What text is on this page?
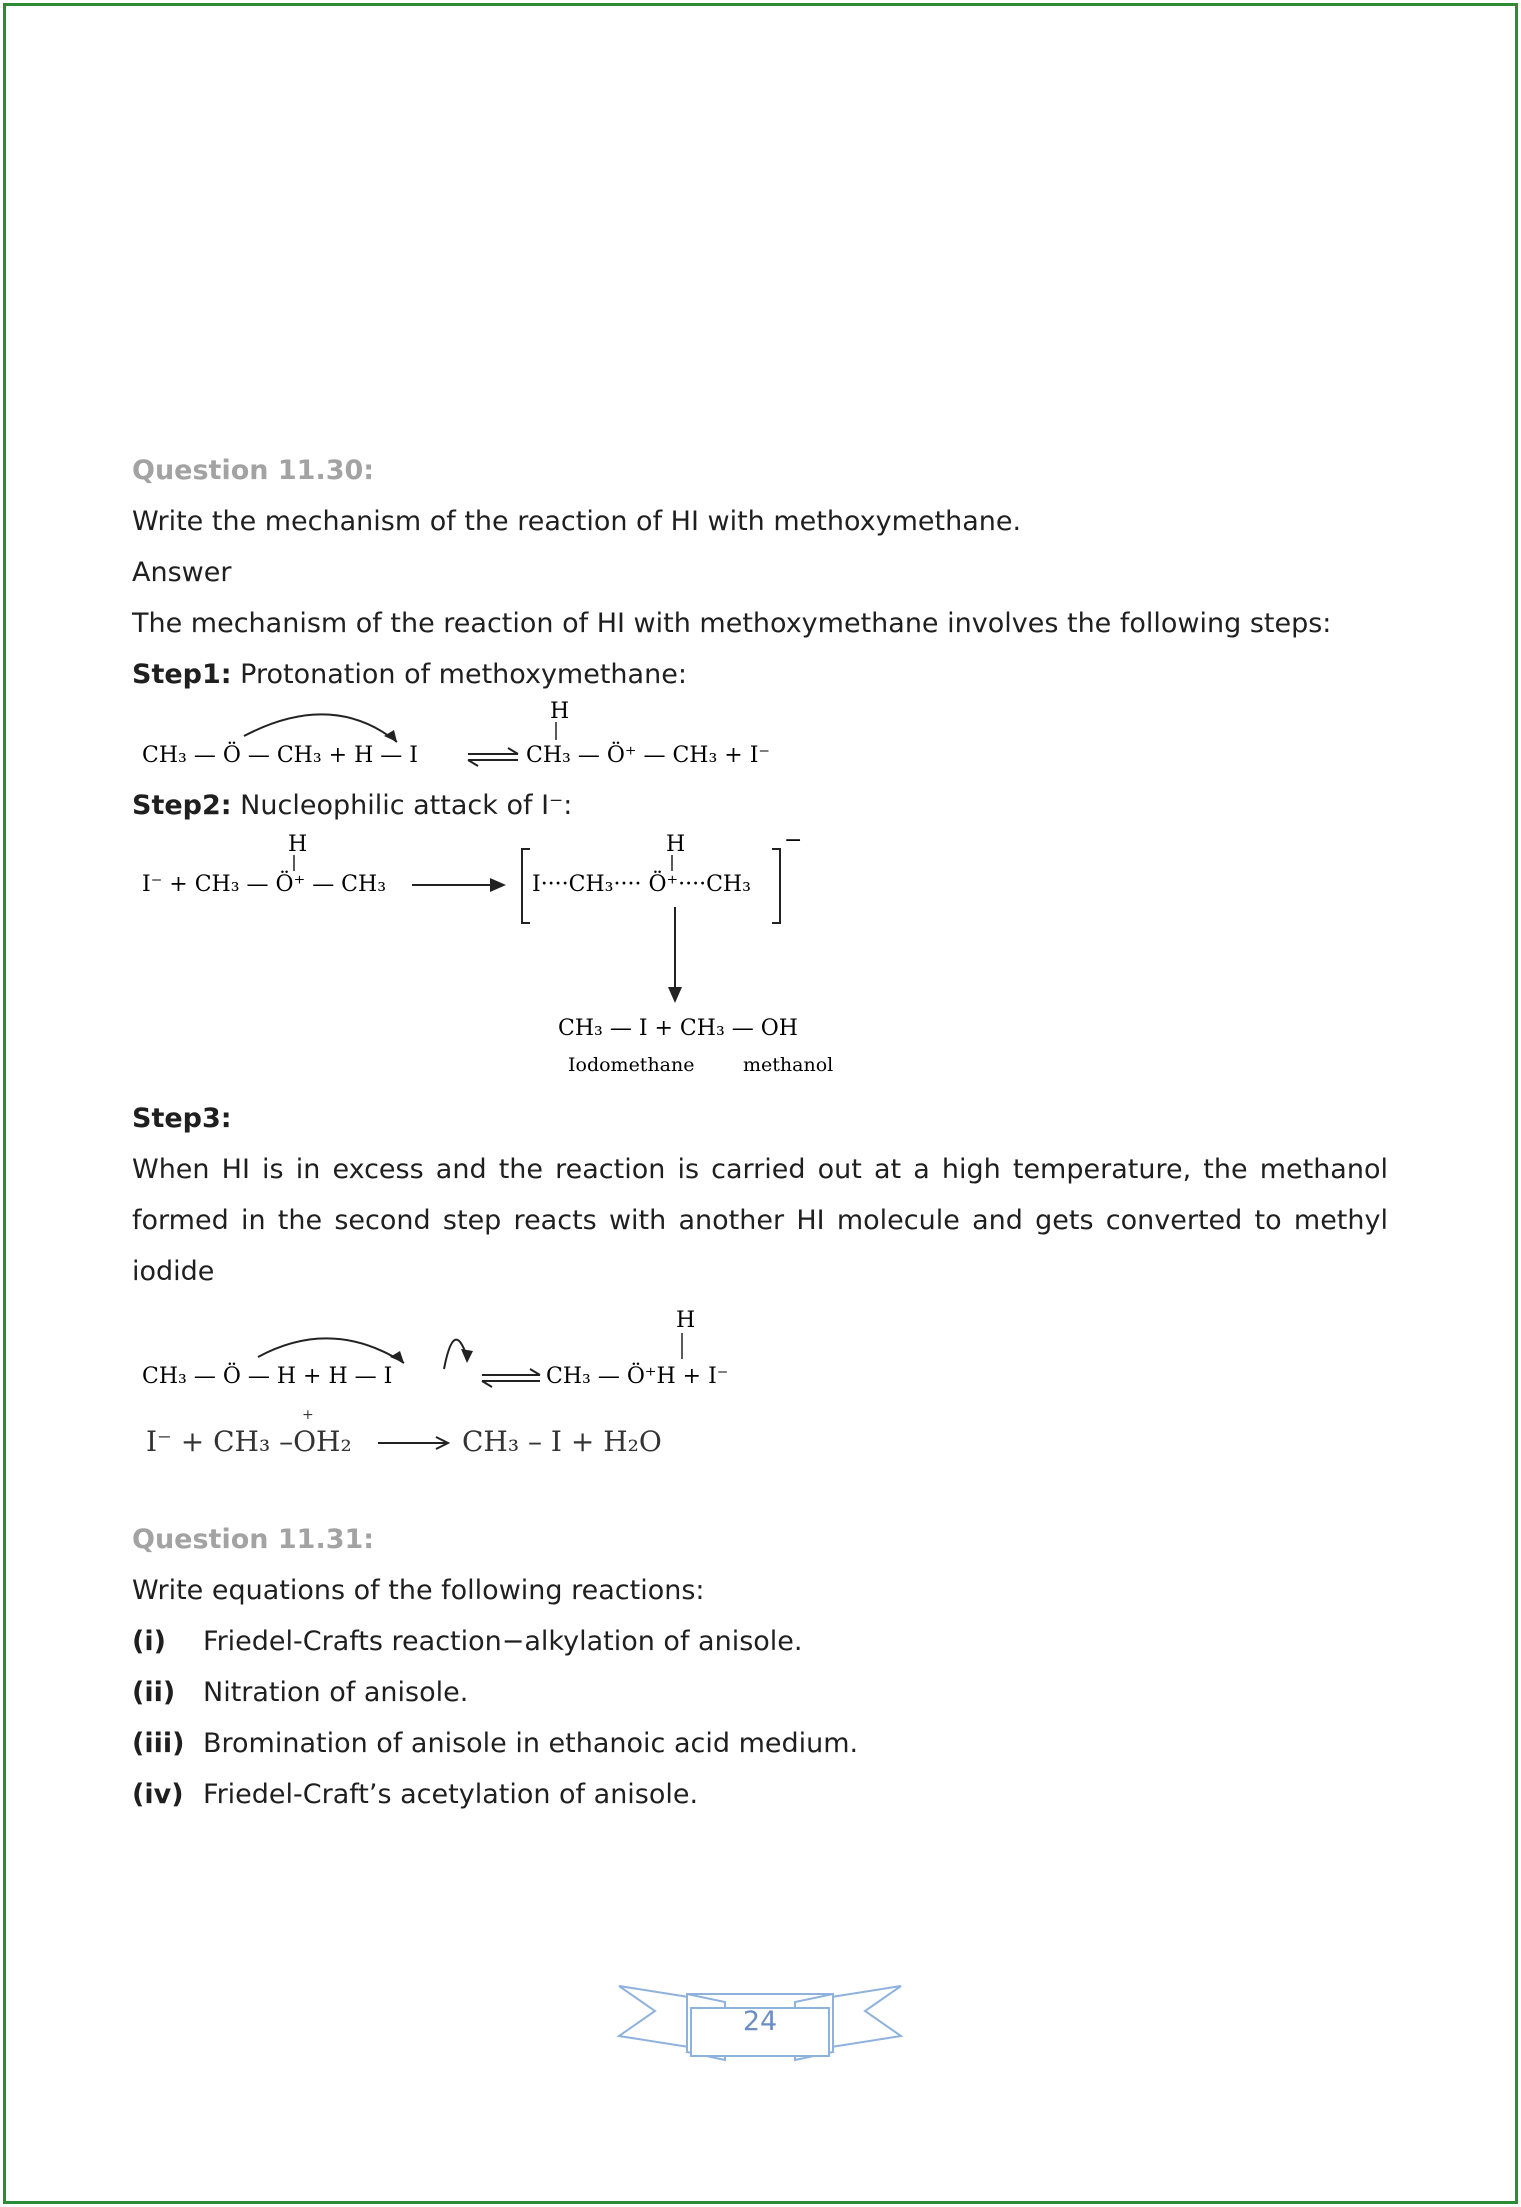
Question 11.30:
Write the mechanism of the reaction of HI with methoxymethane.
Answer
The mechanism of the reaction of HI with methoxymethane involves the following steps:
Step1: Protonation of methoxymethane:
CH₃ — Ö — CH₃ + H — I
H
CH₃ — Ö⁺ — CH₃ + I⁻
Step2: Nucleophilic attack of I⁻:
H
I⁻ + CH₃ — Ö⁺ — CH₃
−
H
I····CH₃···· Ö⁺····CH₃
CH₃ — I + CH₃ — OH
Iodomethane	methanol
Step3:
When HI is in excess and the reaction is carried out at a high temperature, the methanol formed in the second step reacts with another HI molecule and gets converted to methyl iodide
CH₃ — Ö — H + H — I
H
CH₃ — Ö⁺H + I⁻
+
I⁻ + CH₃ –OH₂	CH₃ – I + H₂O
Question 11.31:
Write equations of the following reactions:
(i)	Friedel-Crafts reaction−alkylation of anisole.
(ii)	Nitration of anisole.
(iii) Bromination of anisole in ethanoic acid medium.
(iv) Friedel-Craft’s acetylation of anisole.
24
